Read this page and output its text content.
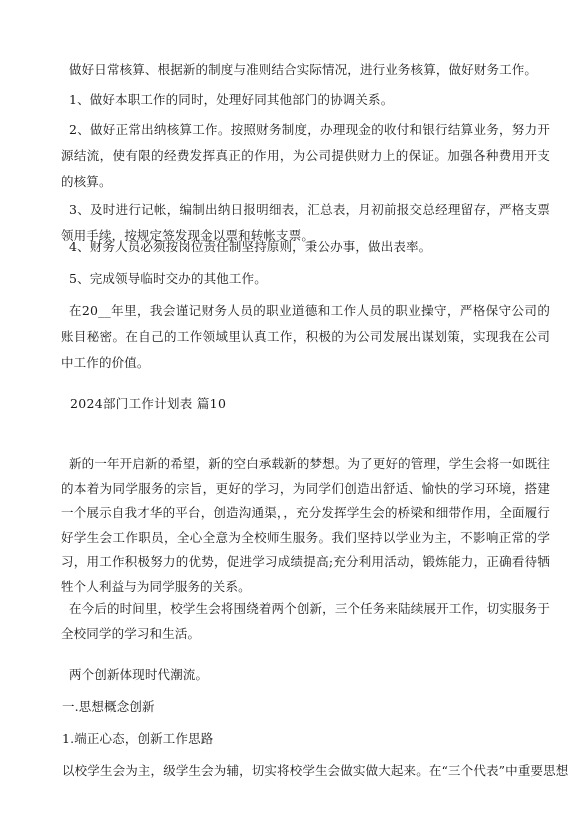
做好日常核算、根据新的制度与准则结合实际情况，进行业务核算，做好财务工作。

1、做好本职工作的同时，处理好同其他部门的协调关系。

2、做好正常出纳核算工作。按照财务制度，办理现金的收付和银行结算业务，努力开源结流，使有限的经费发挥真正的作用，为公司提供财力上的保证。加强各种费用开支的核算。

3、及时进行记帐，编制出纳日报明细表，汇总表，月初前报交总经理留存，严格支票领用手续，按规定签发现金以票和转帐支票。

4、财务人员必须按岗位责任制坚持原则，秉公办事，做出表率。

5、完成领导临时交办的其他工作。

在20__年里，我会谨记财务人员的职业道德和工作人员的职业操守，严格保守公司的账目秘密。在自己的工作领域里认真工作，积极的为公司发展出谋划策，实现我在公司中工作的价值。

2024部门工作计划表 篇10

新的一年开启新的希望，新的空白承载新的梦想。为了更好的管理，学生会将一如既往的本着为同学服务的宗旨，更好的学习，为同学们创造出舒适、愉快的学习环境，搭建一个展示自我才华的平台，创造沟通渠，，充分发挥学生会的桥梁和细带作用，全面履行好学生会工作职员，全心全意为全校师生服务。我们坚持以学业为主，不影响正常的学习，用工作积极努力的优势，促进学习成绩提高;充分利用活动，锻炼能力，正确看待牺牲个人利益与为同学服务的关系。

在今后的时间里，校学生会将围绕着两个创新，三个任务来陆续展开工作，切实服务于全校同学的学习和生活。

两个创新体现时代潮流。

一.思想概念创新

1.端正心态，创新工作思路

以校学生会为主，级学生会为辅，切实将校学生会做实做大起来。在“三个代表”中重要思想
